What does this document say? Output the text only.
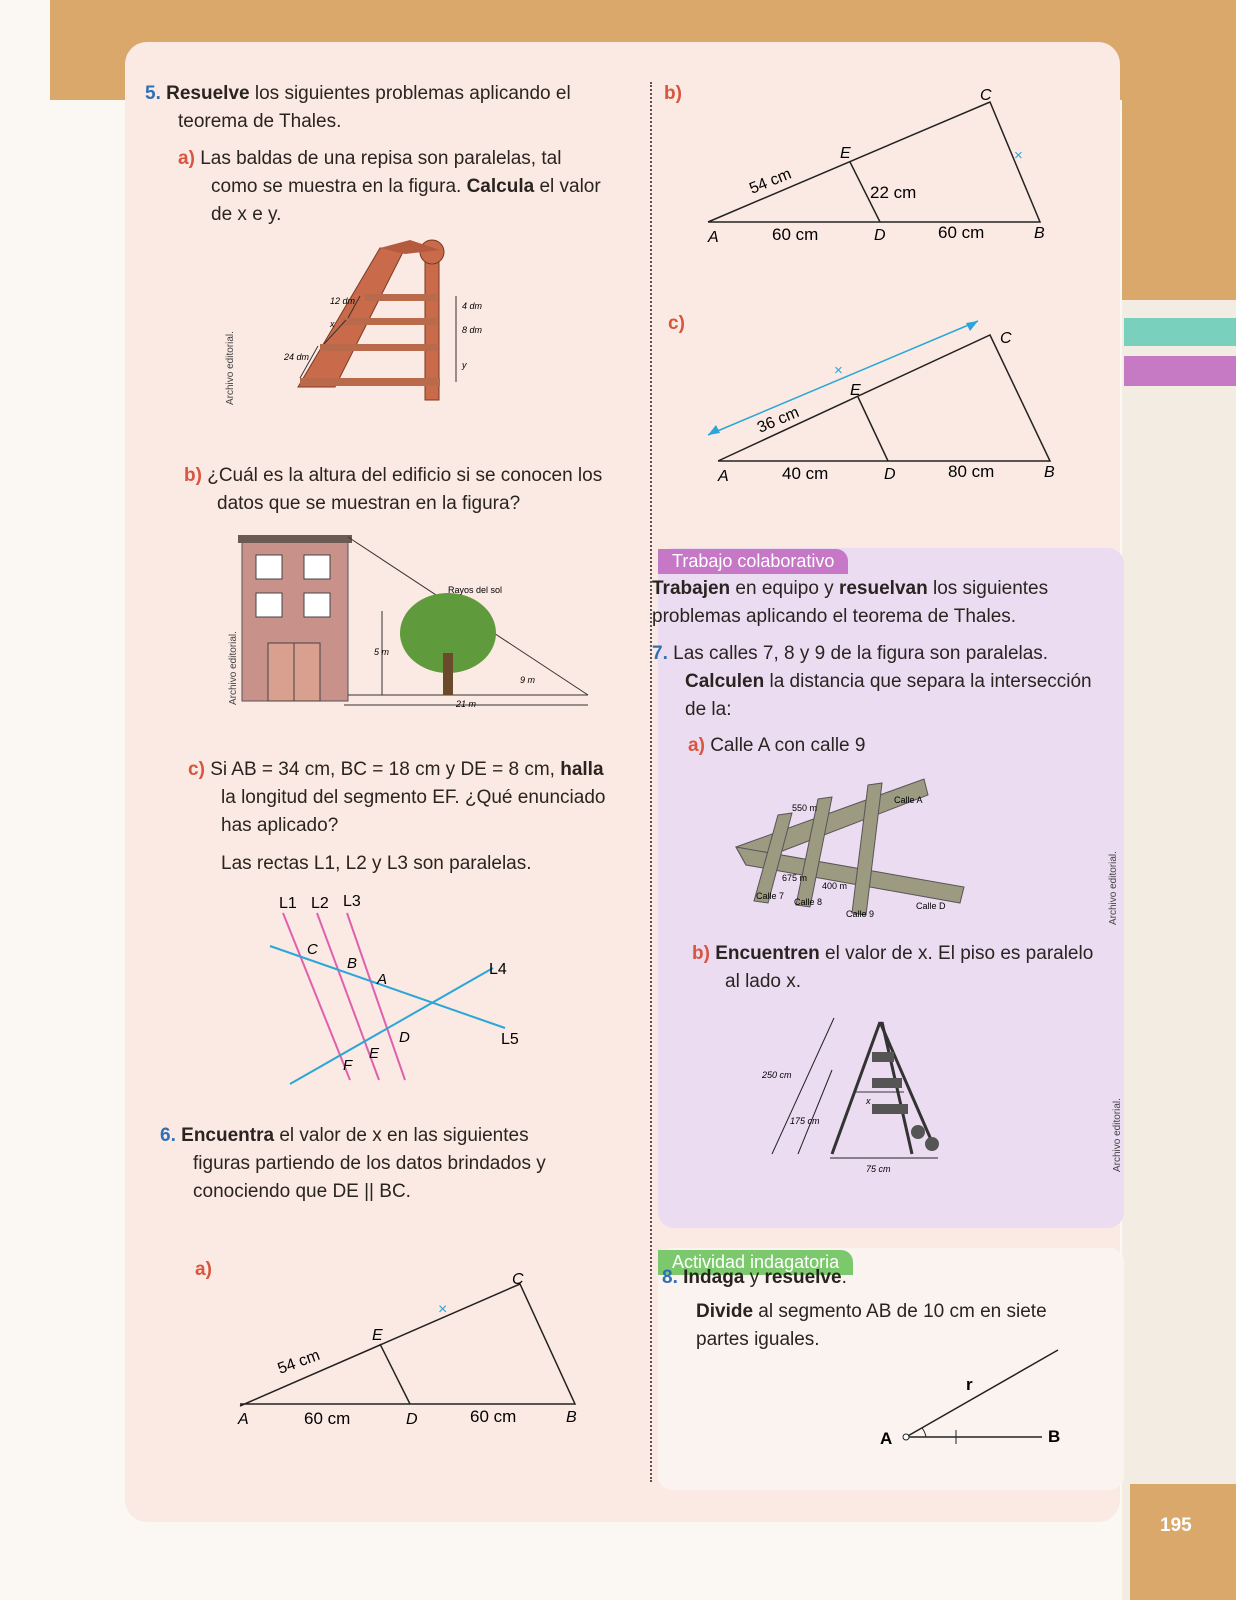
195
5. Resuelve los siguientes problemas aplicando el
teorema de Thales.
a) Las baldas de una repisa son paralelas, tal
como se muestra en la figura. Calcula el valor
de x e y.
Archivo editorial.
12 dm
x
24 dm
4 dm
8 dm
y
b) ¿Cuál es la altura del edificio si se conocen los
datos que se muestran en la figura?
Archivo editorial.
Rayos del sol
5 m
9 m
21 m
c) Si AB = 34 cm, BC = 18 cm y DE = 8 cm, halla
la longitud del segmento EF. ¿Qué enunciado
has aplicado?
Las rectas L1, L2 y L3 son paralelas.
L1 L2 L3
L4
L5
C
B
A
D
E
F
6. Encuentra el valor de x en las siguientes
figuras partiendo de los datos brindados y
conociendo que DE || BC.
a)
54 cm
60 cm	60 cm
×
A	B
C
D
E
b)
54 cm	22 cm
60 cm	60 cm
×
A	B
C
D
E
c)
36 cm
40 cm	80 cm
×
A	B
C
D
E
Trabajo colaborativo
Trabajen en equipo y resuelvan los siguientes
problemas aplicando el teorema de Thales.
7. Las calles 7, 8 y 9 de la figura son paralelas.
Calculen la distancia que separa la intersección
de la:
a) Calle A con calle 9
550 m
675 m
400 m
Calle A
Calle 7
Calle 8
Calle 9
Calle D
b) Encuentren el valor de x. El piso es paralelo
al lado x.
250 cm
175 cm
x
75 cm
Archivo editorial.
Archivo editorial.
Actividad indagatoria
8. Indaga y resuelve.
Divide al segmento AB de 10 cm en siete
partes iguales.
r
A	B
